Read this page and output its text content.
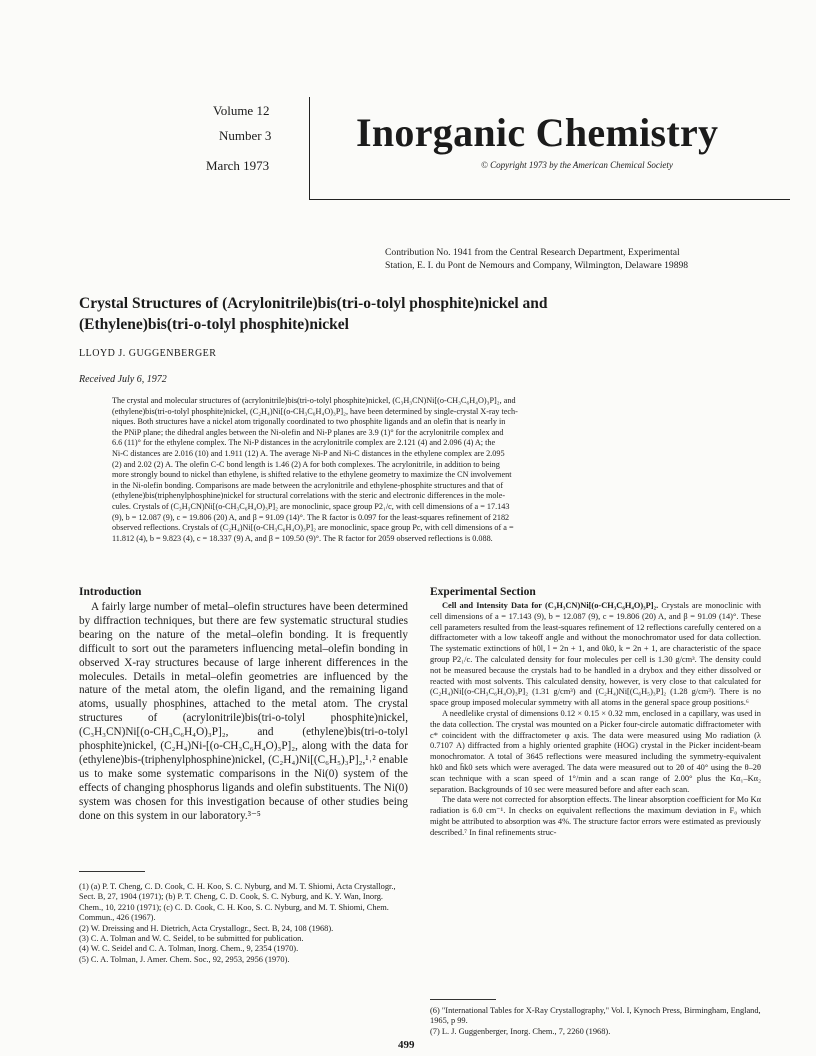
Volume 12
Number 3
March 1973
Inorganic Chemistry
© Copyright 1973 by the American Chemical Society
Contribution No. 1941 from the Central Research Department, Experimental
Station, E. I. du Pont de Nemours and Company, Wilmington, Delaware 19898
Crystal Structures of (Acrylonitrile)bis(tri-o-tolyl phosphite)nickel and
(Ethylene)bis(tri-o-tolyl phosphite)nickel
LLOYD J. GUGGENBERGER
Received July 6, 1972
The crystal and molecular structures of (acrylonitrile)bis(tri-o-tolyl phosphite)nickel, (C₃H₃CN)Ni[(o-CH₃C₆H₄O)₃P]₂, and
(ethylene)bis(tri-o-tolyl phosphite)nickel, (C₂H₄)Ni[(o-CH₃C₆H₄O)₃P]₂, have been determined by single-crystal X-ray tech-
niques. Both structures have a nickel atom trigonally coordinated to two phosphite ligands and an olefin that is nearly in
the PNiP plane; the dihedral angles between the Ni-olefin and Ni-P planes are 3.9 (1)° for the acrylonitrile complex and
6.6 (11)° for the ethylene complex. The Ni-P distances in the acrylonitrile complex are 2.121 (4) and 2.096 (4) A; the
Ni-C distances are 2.016 (10) and 1.911 (12) A. The average Ni-P and Ni-C distances in the ethylene complex are 2.095
(2) and 2.02 (2) A. The olefin C-C bond length is 1.46 (2) A for both complexes. The acrylonitrile, in addition to being
more strongly bound to nickel than ethylene, is shifted relative to the ethylene geometry to maximize the CN involvement
in the Ni-olefin bonding. Comparisons are made between the acrylonitrile and ethylene-phosphite structures and that of
(ethylene)bis(triphenylphosphine)nickel for structural correlations with the steric and electronic differences in the mole-
cules. Crystals of (C₃H₃CN)Ni[(o-CH₃C₆H₄O)₃P]₂ are monoclinic, space group P2₁/c, with cell dimensions of a = 17.143
(9), b = 12.087 (9), c = 19.806 (20) A, and β = 91.09 (14)°. The R factor is 0.097 for the least-squares refinement of 2182
observed reflections. Crystals of (C₂H₄)Ni[(o-CH₃C₆H₄O)₃P]₂ are monoclinic, space group Pc, with cell dimensions of a =
11.812 (4), b = 9.823 (4), c = 18.337 (9) A, and β = 109.50 (9)°. The R factor for 2059 observed reflections is 0.088.
Introduction

A fairly large number of metal–olefin structures have been determined by diffraction techniques, but there are few systematic structural studies bearing on the nature of the metal–olefin bonding. It is frequently difficult to sort out the parameters influencing metal–olefin bonding in observed X-ray structures because of large inherent differences in the molecules. Details in metal–olefin geometries are influenced by the nature of the metal atom, the olefin ligand, and the remaining ligand atoms, usually phosphines, attached to the metal atom. The crystal structures of (acrylonitrile)bis(tri-o-tolyl phosphite)nickel, (C₃H₃CN)Ni[(o-CH₃C₆H₄O)₃P]₂, and (ethylene)bis(tri-o-tolyl phosphite)nickel, (C₂H₄)Ni-[(o-CH₃C₆H₄O)₃P]₂, along with the data for (ethylene)bis-(triphenylphosphine)nickel, (C₂H₄)Ni[(C₆H₅)₃P]₂,¹˒² enable us to make some systematic comparisons in the Ni(0) system of the effects of changing phosphorus ligands and olefin substituents. The Ni(0) system was chosen for this investigation because of other studies being done on this system in our laboratory.³⁻⁵

(1) (a) P. T. Cheng, C. D. Cook, C. H. Koo, S. C. Nyburg, and M. T. Shiomi, Acta Crystallogr., Sect. B, 27, 1904 (1971); (b) P. T. Cheng, C. D. Cook, S. C. Nyburg, and K. Y. Wan, Inorg. Chem., 10, 2210 (1971); (c) C. D. Cook, C. H. Koo, S. C. Nyburg, and M. T. Shiomi, Chem. Commun., 426 (1967).

(2) W. Dreissing and H. Dietrich, Acta Crystallogr., Sect. B, 24, 108 (1968).

(3) C. A. Tolman and W. C. Seidel, to be submitted for publication.

(4) W. C. Seidel and C. A. Tolman, Inorg. Chem., 9, 2354 (1970).

(5) C. A. Tolman, J. Amer. Chem. Soc., 92, 2953, 2956 (1970).

Experimental Section

Cell and Intensity Data for (C₃H₃CN)Ni[(o-CH₃C₆H₄O)₃P]₂. Crystals are monoclinic with cell dimensions of a = 17.143 (9), b = 12.087 (9), c = 19.806 (20) A, and β = 91.09 (14)°. These cell parameters resulted from the least-squares refinement of 12 reflections carefully centered on a diffractometer with a low takeoff angle and without the monochromator used for data collection. The systematic extinctions of h0l, l = 2n + 1, and 0k0, k = 2n + 1, are characteristic of the space group P2₁/c. The calculated density for four molecules per cell is 1.30 g/cm³. The density could not be measured because the crystals had to be handled in a drybox and they either dissolved or reacted with most solvents. This calculated density, however, is very close to that calculated for (C₂H₄)Ni[(o-CH₃C₆H₄O)₃P]₂ (1.31 g/cm³) and (C₂H₄)Ni[(C₆H₅)₃P]₂ (1.28 g/cm³). There is no space group imposed molecular symmetry with all atoms in the general space group positions.⁶

A needlelike crystal of dimensions 0.12 × 0.15 × 0.32 mm, enclosed in a capillary, was used in the data collection. The crystal was mounted on a Picker four-circle automatic diffractometer with c* coincident with the diffractometer φ axis. The data were measured using Mo radiation (λ 0.7107 A) diffracted from a highly oriented graphite (HOG) crystal in the Picker incident-beam monochromator. A total of 3645 reflections were measured including the symmetry-equivalent hk0 and h̄k0 sets which were averaged. The data were measured out to 2θ of 40° using the θ–2θ scan technique with a scan speed of 1°/min and a scan range of 2.00° plus the Kα₁–Kα₂ separation. Backgrounds of 10 sec were measured before and after each scan.

The data were not corrected for absorption effects. The linear absorption coefficient for Mo Kα radiation is 6.0 cm⁻¹. In checks on equivalent reflections the maximum deviation in F₀ which might be attributed to absorption was 4%. The structure factor errors were estimated as previously described.⁷ In final refinements struc-

(6) "International Tables for X-Ray Crystallography," Vol. I, Kynoch Press, Birmingham, England, 1965, p 99.

(7) L. J. Guggenberger, Inorg. Chem., 7, 2260 (1968).

499
